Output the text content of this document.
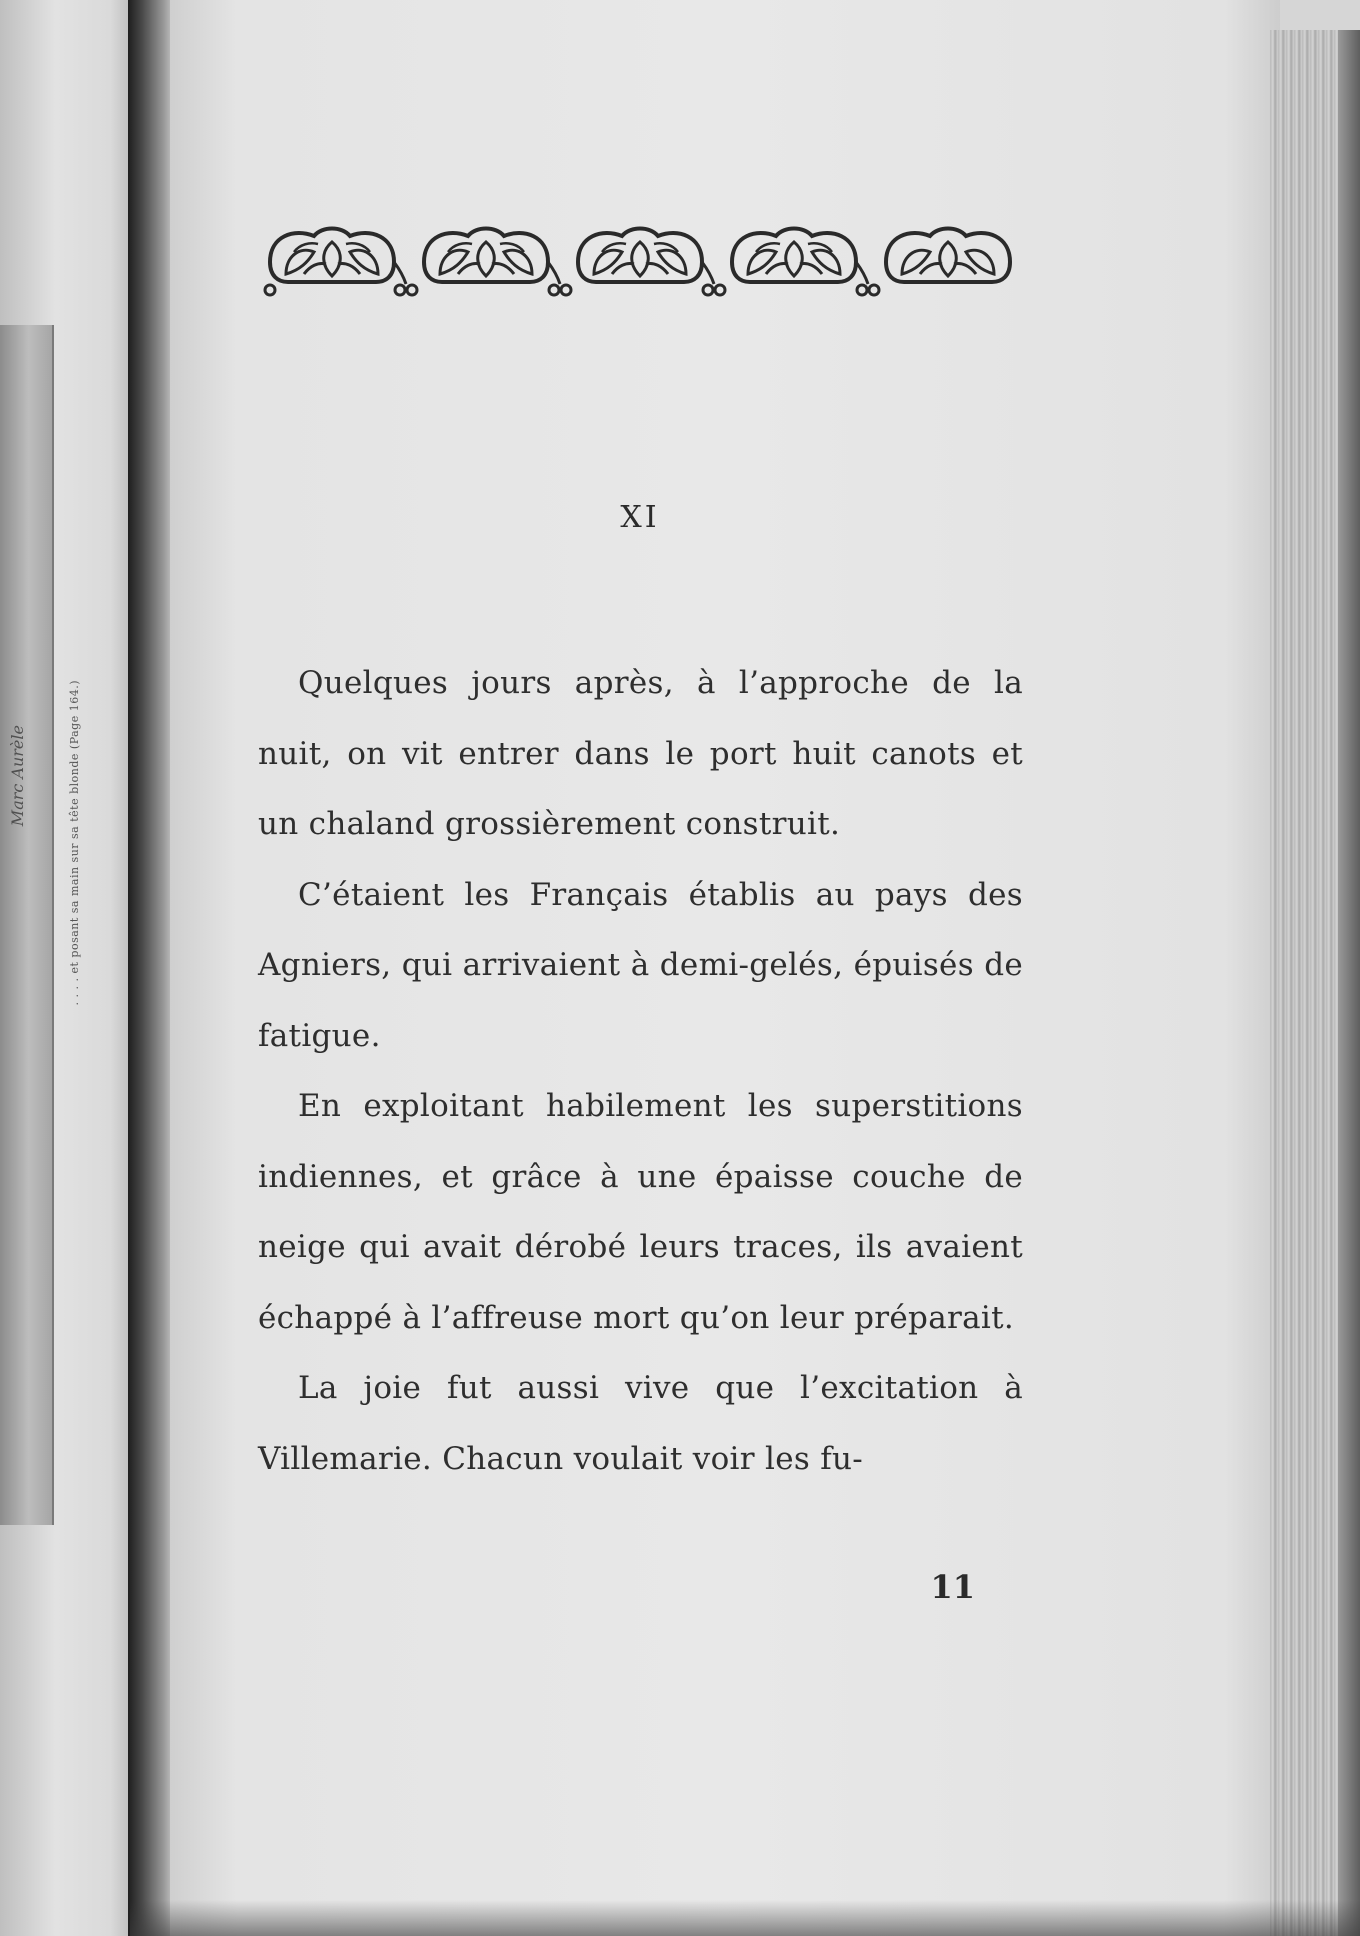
Marc Aurèle	. . . . et posant sa main sur sa tête blonde (Page 164.)
XI

Quelques jours après, à l’approche de la nuit, on vit entrer dans le port huit canots et un chaland grossièrement construit.

C’étaient les Français établis au pays des Agniers, qui arrivaient à demi-gelés, épuisés de fatigue.

En exploitant habilement les superstitions indiennes, et grâce à une épaisse couche de neige qui avait dérobé leurs traces, ils avaient échappé à l’affreuse mort qu’on leur préparait.

La joie fut aussi vive que l’excitation à Villemarie. Chacun voulait voir les fu-

11
